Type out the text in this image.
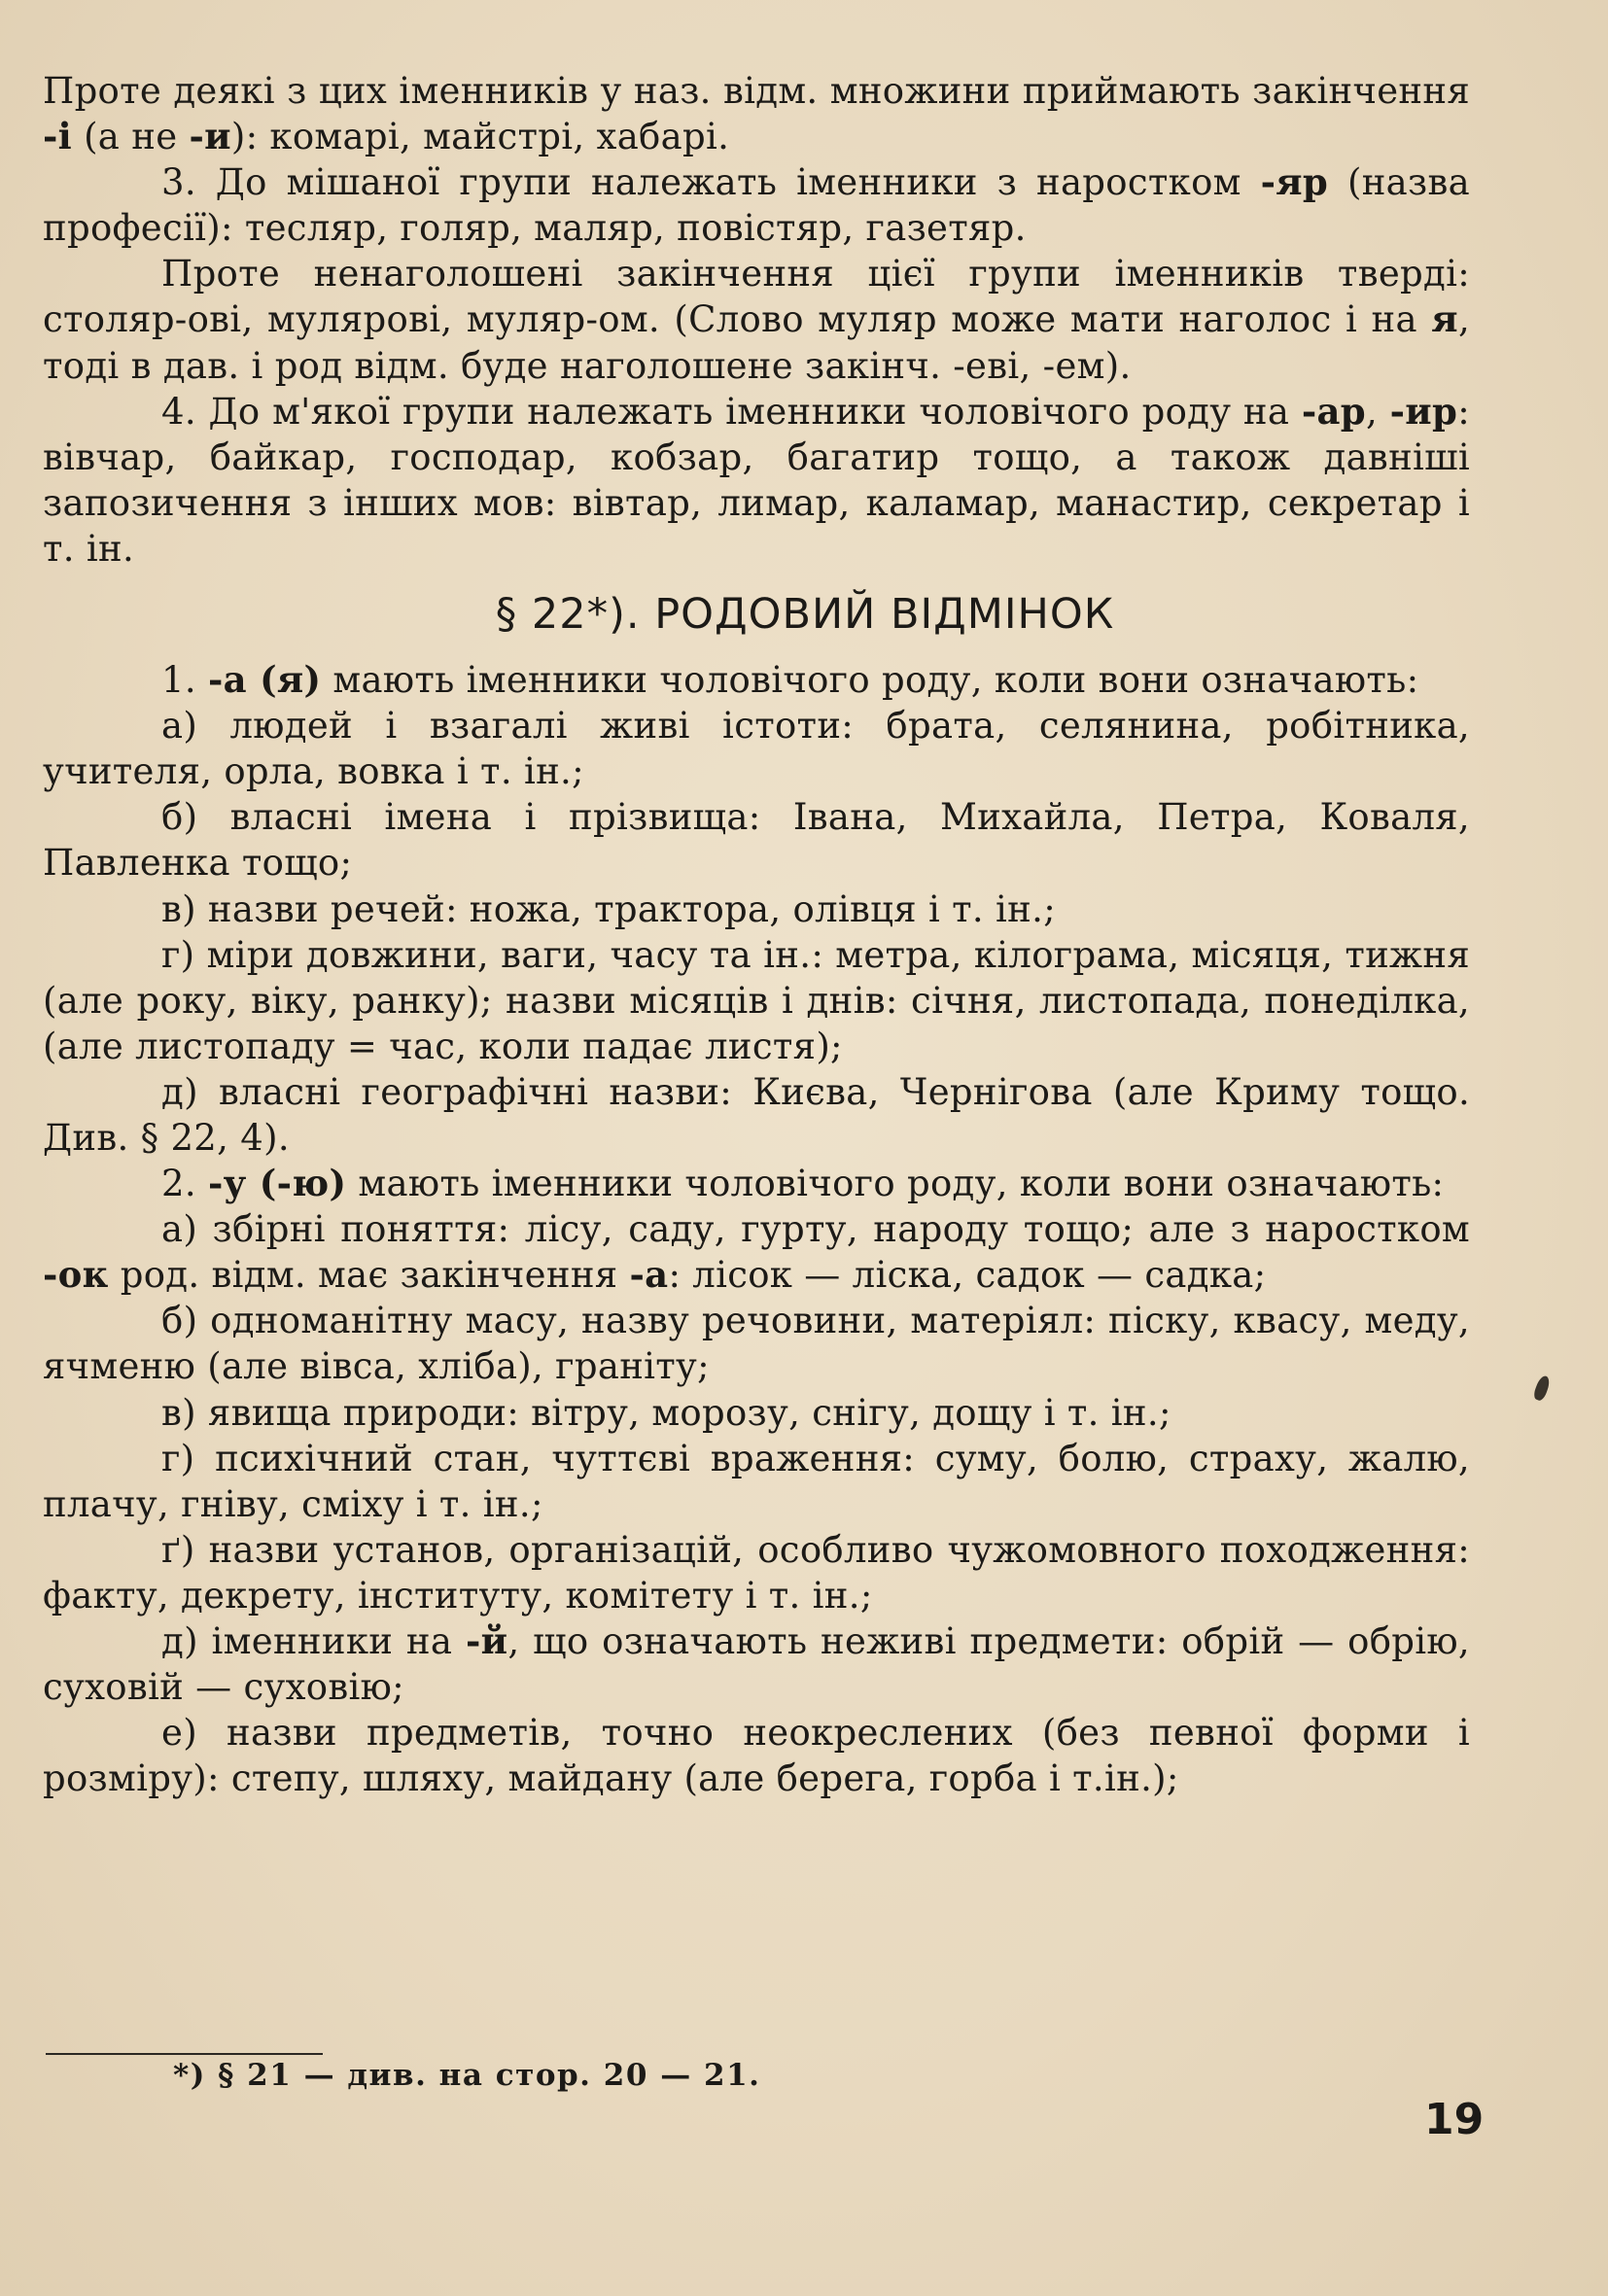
Проте деякі з цих іменників у наз. відм. множини приймають закінчення -і (а не -и): комарі, майстрі, хабарі.

3. До мішаної групи належать іменники з наростком -яр (назва професії): тесляр, голяр, маляр, повістяр, газетяр.

Проте ненаголошені закінчення цієї групи іменників тверді: столяр-ові, мулярові, муляр-ом. (Слово муляр може мати наголос і на я, тоді в дав. і род відм. буде наголошене закінч. -еві, -ем).

4. До м'якої групи належать іменники чоловічого роду на -ар, -ир: вівчар, байкар, господар, кобзар, багатир тощо, а також давніші запозичення з інших мов: вівтар, лимар, каламар, манастир, секретар і т. ін.

§ 22*). РОДОВИЙ ВІДМІНОК

1. -а (я) мають іменники чоловічого роду, коли вони означають:

а) людей і взагалі живі істоти: брата, селянина, робітника, учителя, орла, вовка і т. ін.;

б) власні імена і прізвища: Івана, Михайла, Петра, Коваля, Павленка тощо;

в) назви речей: ножа, трактора, олівця і т. ін.;

г) міри довжини, ваги, часу та ін.: метра, кілограма, місяця, тижня (але року, віку, ранку); назви місяців і днів: січня, листопада, понеділка, (але листопаду = час, коли падає листя);

д) власні географічні назви: Києва, Чернігова (але Криму тощо. Див. § 22, 4).

2. -у (-ю) мають іменники чоловічого роду, коли вони означають:

а) збірні поняття: лісу, саду, гурту, народу тощо; але з наростком -ок род. відм. має закінчення -а: лісок — ліска, садок — садка;

б) одноманітну масу, назву речовини, матеріял: піску, квасу, меду, ячменю (але вівса, хліба), граніту;

в) явища природи: вітру, морозу, снігу, дощу і т. ін.;

г) психічний стан, чуттєві враження: суму, болю, страху, жалю, плачу, гніву, сміху і т. ін.;

ґ) назви установ, організацій, особливо чужомовного походження: факту, декрету, інституту, комітету і т. ін.;

д) іменники на -й, що означають неживі предмети: обрій — обрію, суховій — суховію;

е) назви предметів, точно неокреслених (без певної форми і розміру): степу, шляху, майдану (але берега, горба і т.ін.);

*) § 21 — див. на стор. 20 — 21.
19
